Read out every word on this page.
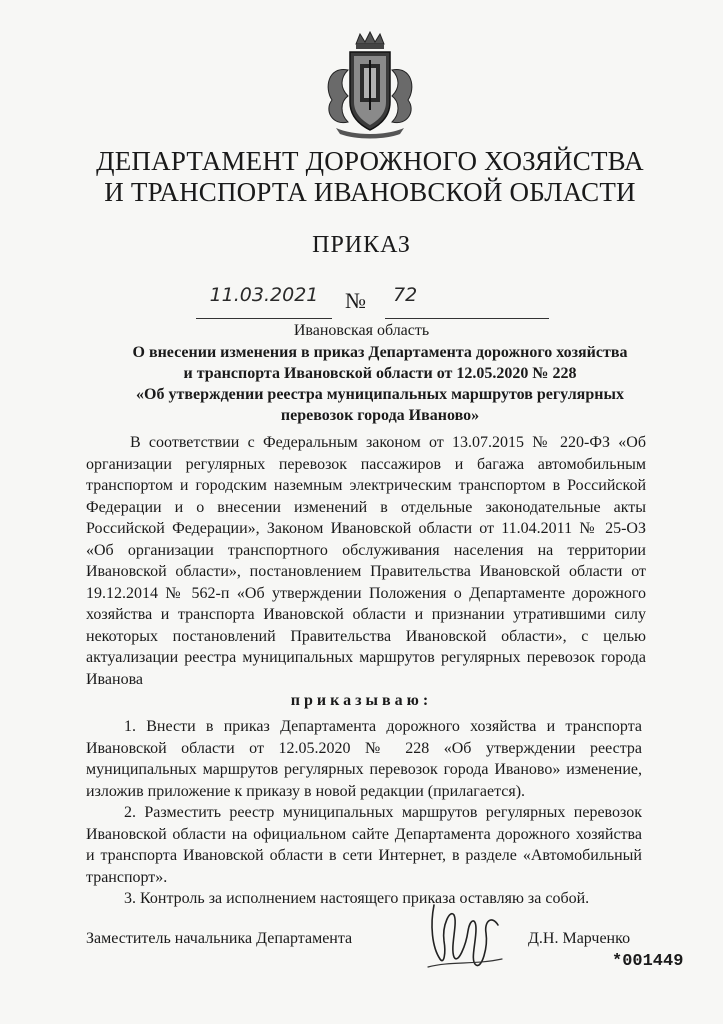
ДЕПАРТАМЕНТ ДОРОЖНОГО ХОЗЯЙСТВА
И ТРАНСПОРТА ИВАНОВСКОЙ ОБЛАСТИ
ПРИКАЗ
11.03.2021	№	72
Ивановская область
О внесении изменения в приказ Департамента дорожного хозяйства
и транспорта Ивановской области от 12.05.2020 № 228
«Об утверждении реестра муниципальных маршрутов регулярных
перевозок города Иваново»

В соответствии с Федеральным законом от 13.07.2015 № 220-ФЗ «Об организации регулярных перевозок пассажиров и багажа автомобильным транспортом и городским наземным электрическим транспортом в Российской Федерации и о внесении изменений в отдельные законодательные акты Российской Федерации», Законом Ивановской области от 11.04.2011 № 25-ОЗ «Об организации транспортного обслуживания населения на территории Ивановской области», постановлением Правительства Ивановской области от 19.12.2014 № 562-п «Об утверждении Положения о Департаменте дорожного хозяйства и транспорта Ивановской области и признании утратившими силу некоторых постановлений Правительства Ивановской области», с целью актуализации реестра муниципальных маршрутов регулярных перевозок города Иванова

приказываю:

1. Внести в приказ Департамента дорожного хозяйства и транспорта Ивановской области от 12.05.2020 № 228 «Об утверждении реестра муниципальных маршрутов регулярных перевозок города Иваново» изменение, изложив приложение к приказу в новой редакции (прилагается).

2. Разместить реестр муниципальных маршрутов регулярных перевозок Ивановской области на официальном сайте Департамента дорожного хозяйства и транспорта Ивановской области в сети Интернет, в разделе «Автомобильный транспорт».

3. Контроль за исполнением настоящего приказа оставляю за собой.

Заместитель начальника Департамента	Д.Н. Марченко
*001449
